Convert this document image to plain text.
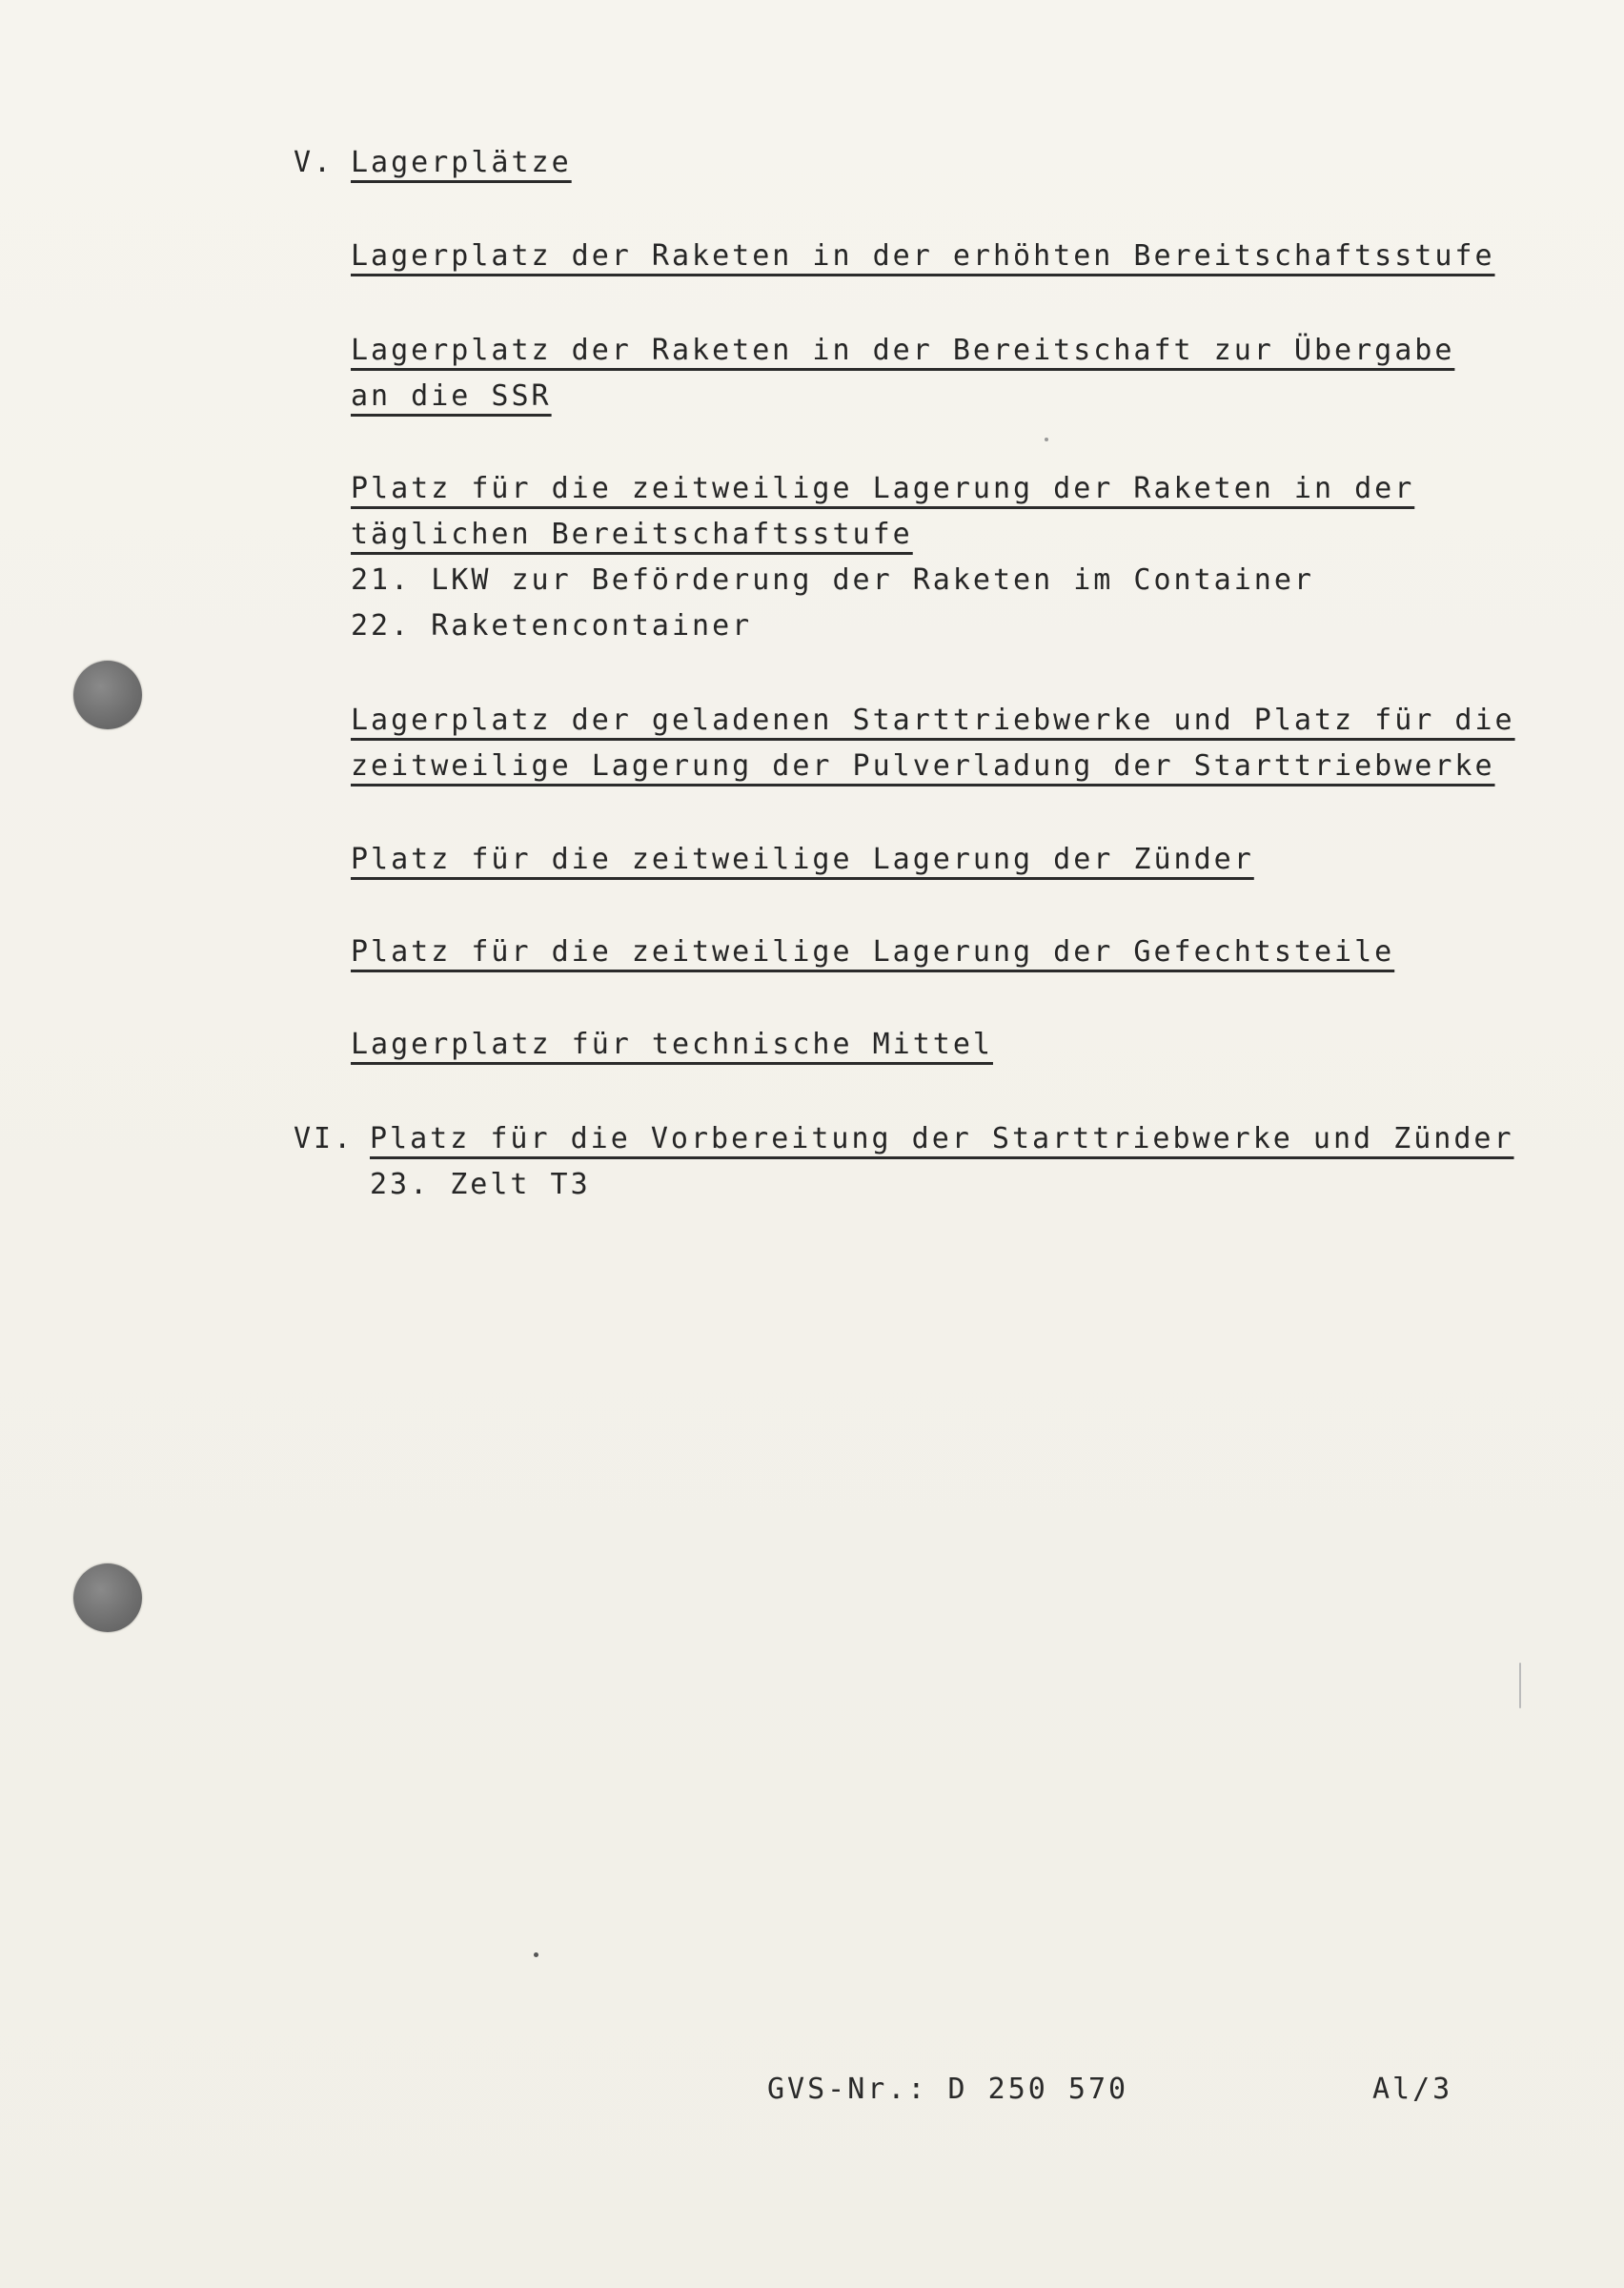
V. Lagerplätze
Lagerplatz der Raketen in der erhöhten Bereitschaftsstufe
Lagerplatz der Raketen in der Bereitschaft zur Übergabe
an die SSR
Platz für die zeitweilige Lagerung der Raketen in der
täglichen Bereitschaftsstufe
21. LKW zur Beförderung der Raketen im Container
22. Raketencontainer
Lagerplatz der geladenen Starttriebwerke und Platz für die
zeitweilige Lagerung der Pulverladung der Starttriebwerke
Platz für die zeitweilige Lagerung der Zünder
Platz für die zeitweilige Lagerung der Gefechtsteile
Lagerplatz für technische Mittel
VI. Platz für die Vorbereitung der Starttriebwerke und Zünder
23. Zelt T3
GVS-Nr.: D 250 570	Al/3
